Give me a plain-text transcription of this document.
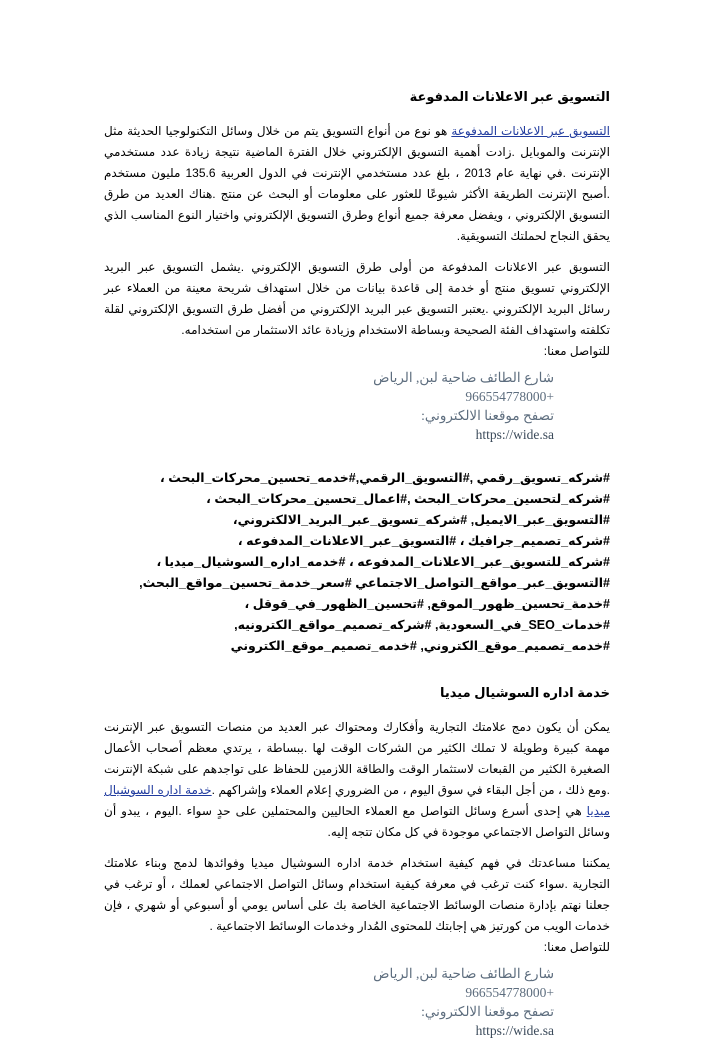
التسويق عبر الاعلانات المدفوعة

التسويق عبر الاعلانات المدفوعة هو نوع من أنواع التسويق يتم من خلال وسائل التكنولوجيا الحديثة مثل الإنترنت والموبايل .زادت أهمية التسويق الإلكتروني خلال الفترة الماضية نتيجة زيادة عدد مستخدمي الإنترنت .في نهاية عام 2013 ، بلغ عدد مستخدمي الإنترنت في الدول العربية 135.6 مليون مستخدم .أصبح الإنترنت الطريقة الأكثر شيوعًا للعثور على معلومات أو البحث عن منتج .هناك العديد من طرق التسويق الإلكتروني ، ويفضل معرفة جميع أنواع وطرق التسويق الإلكتروني واختيار النوع المناسب الذي يحقق النجاح لحملتك التسويقية.

التسويق عبر الاعلانات المدفوعة من أولى طرق التسويق الإلكتروني .يشمل التسويق عبر البريد الإلكتروني تسويق منتج أو خدمة إلى قاعدة بيانات من خلال استهداف شريحة معينة من العملاء عبر رسائل البريد الإلكتروني .يعتبر التسويق عبر البريد الإلكتروني من أفضل طرق التسويق الإلكتروني لقلة تكلفته واستهداف الفئة الصحيحة وبساطة الاستخدام وزيادة عائد الاستثمار من استخدامه.

للتواصل معنا:

شارع الطائف ضاحية لبن, الرياض

+966554778000

تصفح موقعنا الالكتروني:

https://wide.sa

#شركه_تسويق_رقمي ,#التسويق_الرقمي,#خدمه_تحسين_محركات_البحث ، #شركه_لتحسين_محركات_البحث ,#اعمال_تحسين_محركات_البحث ، #التسويق_عبر_الايميل, #شركه_تسويق_عبر_البريد_الالكتروني، #شركه_تصميم_جرافيك ، #التسويق_عبر_الاعلانات_المدفوعه ، #شركه_للتسويق_عبر_الاعلانات_المدفوعه ، #خدمه_اداره_السوشيال_ميديا ، #التسويق_عبر_مواقع_التواصل_الاجتماعي #سعر_خدمة_تحسين_مواقع_البحث, #خدمة_تحسين_ظهور_الموقع, #تحسين_الظهور_في_قوقل ، #خدمات_SEO_في_السعودية, #شركه_تصميم_مواقع_الكترونيه, #خدمه_تصميم_موقع_الكتروني, #خدمه_تصميم_موقع_الكتروني

خدمة اداره السوشيال ميديا

يمكن أن يكون دمج علامتك التجارية وأفكارك ومحتواك عبر العديد من منصات التسويق عبر الإنترنت مهمة كبيرة وطويلة لا تملك الكثير من الشركات الوقت لها .ببساطة ، يرتدي معظم أصحاب الأعمال الصغيرة الكثير من القبعات لاستثمار الوقت والطاقة اللازمين للحفاظ على تواجدهم على شبكة الإنترنت .ومع ذلك ، من أجل البقاء في سوق اليوم ، من الضروري إعلام العملاء وإشراكهم .خدمة اداره السوشيال ميديا هي إحدى أسرع وسائل التواصل مع العملاء الحاليين والمحتملين على حدٍ سواء .اليوم ، يبدو أن وسائل التواصل الاجتماعي موجودة في كل مكان تتجه إليه.

يمكننا مساعدتك في فهم كيفية استخدام خدمة اداره السوشيال ميديا وفوائدها لدمج وبناء علامتك التجارية .سواء كنت ترغب في معرفة كيفية استخدام وسائل التواصل الاجتماعي لعملك ، أو ترغب في جعلنا نهتم بإدارة منصات الوسائط الاجتماعية الخاصة بك على أساس يومي أو أسبوعي أو شهري ، فإن خدمات الويب من كورتيز هي إجابتك للمحتوى المُدار وخدمات الوسائط الاجتماعية .

للتواصل معنا:

شارع الطائف ضاحية لبن, الرياض

+966554778000

تصفح موقعنا الالكتروني:

https://wide.sa
